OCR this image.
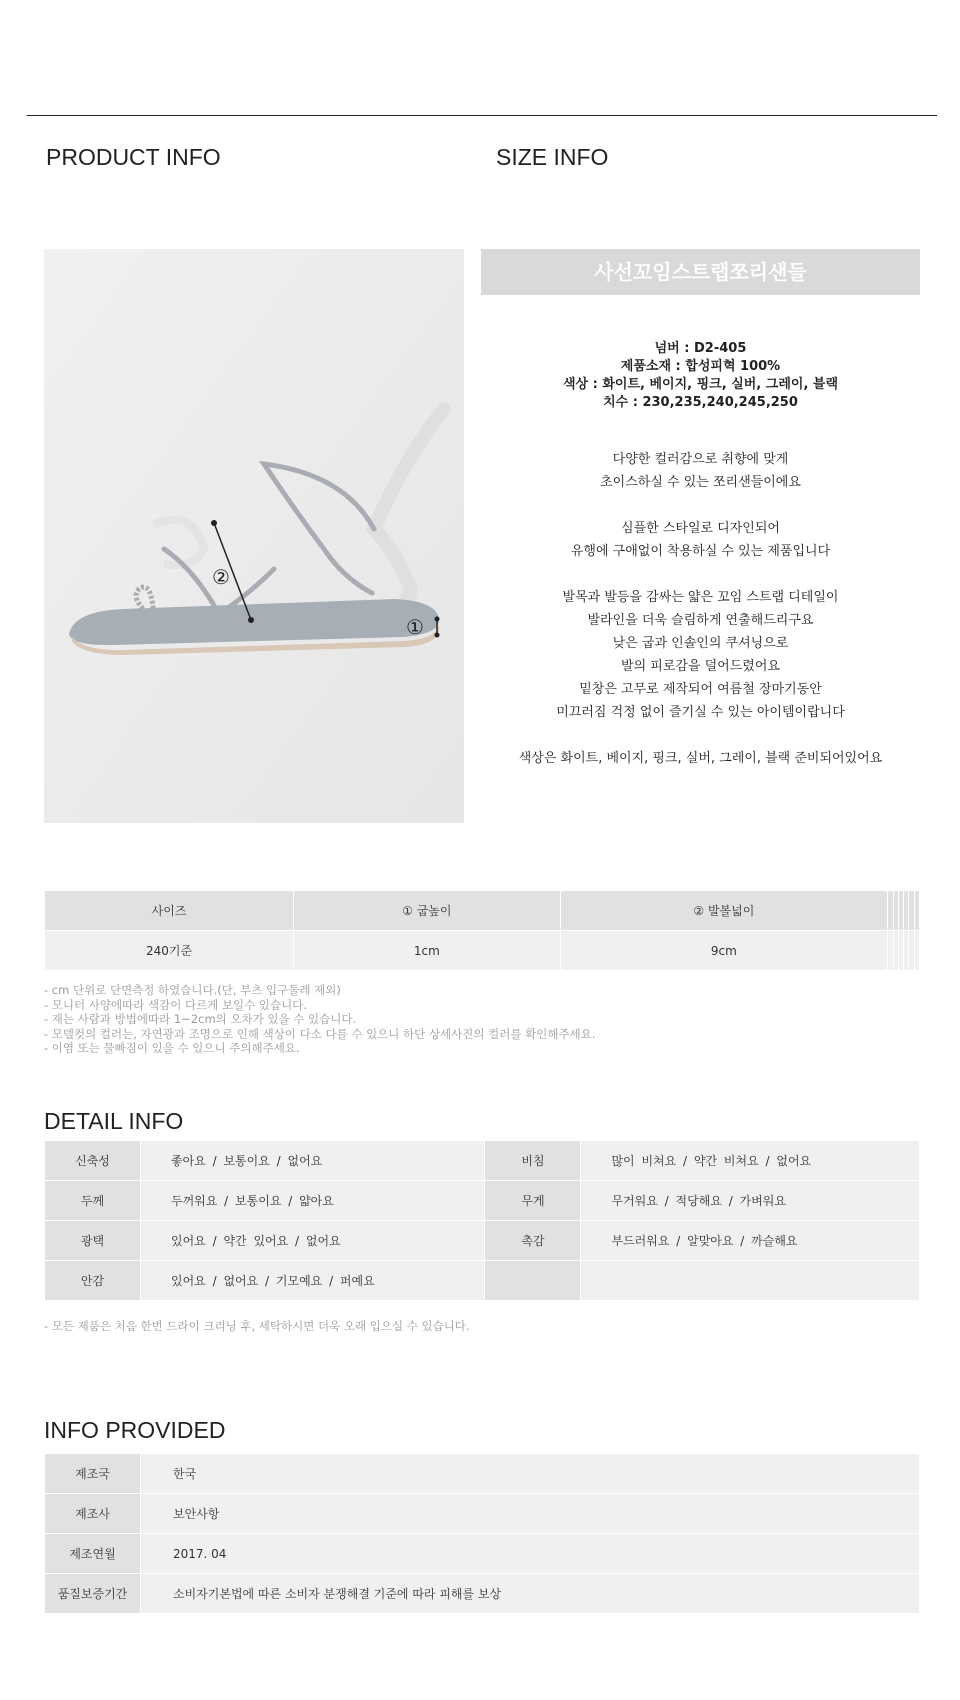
PRODUCT INFO	SIZE INFO
②
①
사선꼬임스트랩쪼리샌들
넘버 : D2-405
제품소재 : 합성피혁 100%
색상 : 화이트, 베이지, 핑크, 실버, 그레이, 블랙
치수 : 230,235,240,245,250
다양한 컬러감으로 취향에 맞게
초이스하실 수 있는 쪼리샌들이에요
심플한 스타일로 디자인되어
유행에 구애없이 착용하실 수 있는 제품입니다
발목과 발등을 감싸는 얇은 꼬임 스트랩 디테일이
발라인을 더욱 슬림하게 연출해드리구요
낮은 굽과 인솔인의 쿠셔닝으로
발의 피로감을 덜어드렸어요
밑창은 고무로 제작되어 여름철 장마기동안
미끄러짐 걱정 없이 즐기실 수 있는 아이템이랍니다
색상은 화이트, 베이지, 핑크, 실버, 그레이, 블랙 준비되어있어요
사이즈	① 굽높이	② 발볼넓이						
240기준	1cm	9cm						
- cm 단위로 단면측정 하였습니다.(단, 부츠 입구둘레 제외)
- 모니터 사양에따라 색감이 다르게 보일수 있습니다.
- 재는 사람과 방법에따라 1~2cm의 오차가 있을 수 있습니다.
- 모델컷의 컬러는, 자연광과 조명으로 인해 색상이 다소 다를 수 있으니 하단 상세사진의 컬러를 확인해주세요.
- 이염 또는 물빠짐이 있을 수 있으니 주의해주세요.
DETAIL INFO
신축성	좋아요 / 보통이요 / 없어요	비침	많이 비쳐요 / 약간 비쳐요 / 없어요
두께	두꺼워요 / 보통이요 / 얇아요	무게	무거워요 / 적당해요 / 가벼워요
광택	있어요 / 약간 있어요 / 없어요	촉감	부드러워요 / 알맞아요 / 까슬해요
안감	있어요 / 없어요 / 기모예요 / 퍼예요		
- 모든 제품은 처음 한번 드라이 크리닝 후, 세탁하시면 더욱 오래 입으실 수 있습니다.
INFO PROVIDED
제조국	한국
제조사	보안사항
제조연월	2017. 04
품질보증기간	소비자기본법에 따른 소비자 분쟁해결 기준에 따라 피해를 보상
